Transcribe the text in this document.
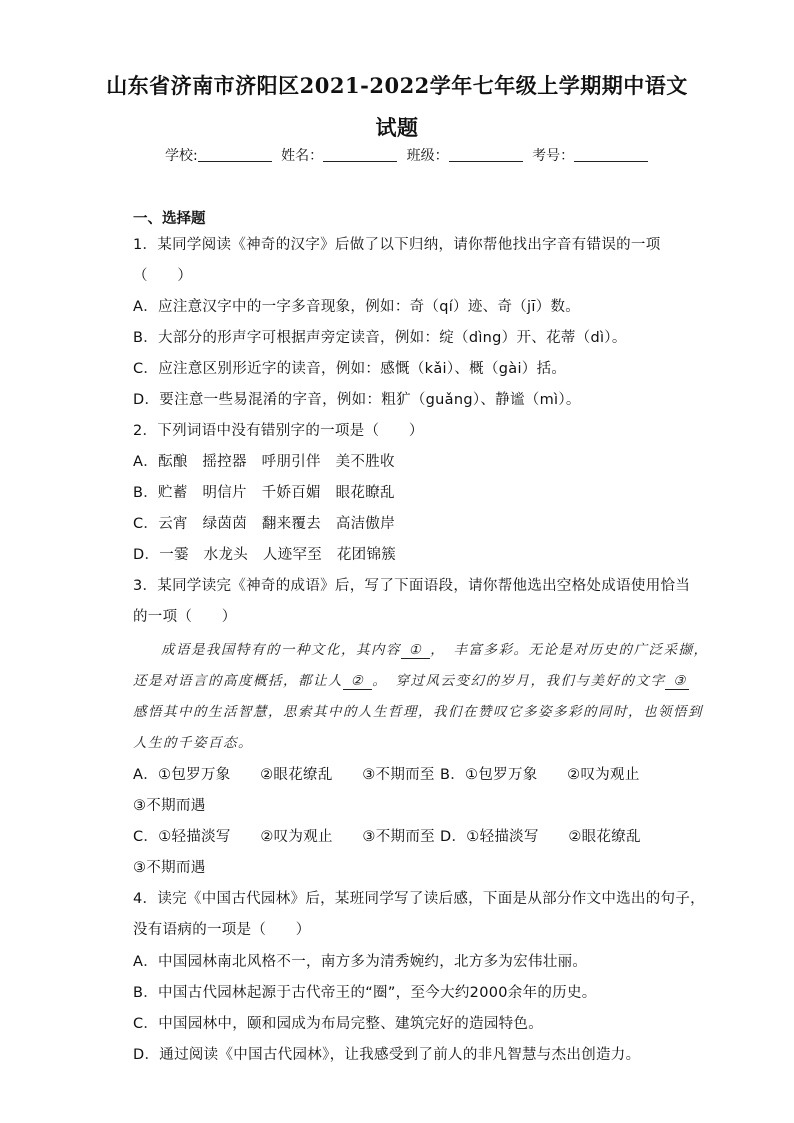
山东省济南市济阳区2021-2022学年七年级上学期期中语文
试题
学校:	姓名：	班级：	考号：
一、选择题
1．某同学阅读《神奇的汉字》后做了以下归纳，请你帮他找出字音有错误的一项
（　　）
A．应注意汉字中的一字多音现象，例如：奇（qí）迹、奇（jī）数。
B．大部分的形声字可根据声旁定读音，例如：绽（dìng）开、花蒂（dì）。
C．应注意区别形近字的读音，例如：感慨（kǎi）、概（gài）括。
D．要注意一些易混淆的字音，例如：粗犷（guǎng）、静谧（mì）。
2．下列词语中没有错别字的一项是（　　）
A．酝酿　摇控器　呼朋引伴　美不胜收
B．贮蓄　明信片　千娇百媚　眼花瞭乱
C．云宵　绿茵茵　翻来覆去　高洁傲岸
D．一霎　水龙头　人迹罕至　花团锦簇
3．某同学读完《神奇的成语》后，写了下面语段，请你帮他选出空格处成语使用恰当
的一项（　　）
成语是我国特有的一种文化，其内容 ① ，　丰富多彩。无论是对历史的广泛采撷，
还是对语言的高度概括，都让人 ② 。　穿过风云变幻的岁月，我们与美好的文字 ③
感悟其中的生活智慧，思索其中的人生哲理，我们在赞叹它多姿多彩的同时，也领悟到
人生的千姿百态。
A．①包罗万象　　②眼花缭乱　　③不期而至 B．①包罗万象　　②叹为观止
③不期而遇
C．①轻描淡写　　②叹为观止　　③不期而至 D．①轻描淡写　　②眼花缭乱
③不期而遇
4．读完《中国古代园林》后，某班同学写了读后感，下面是从部分作文中选出的句子，
没有语病的一项是（　　）
A．中国园林南北风格不一，南方多为清秀婉约，北方多为宏伟壮丽。
B．中国古代园林起源于古代帝王的“圈”，至今大约2000余年的历史。
C．中国园林中，颐和园成为布局完整、建筑完好的造园特色。
D．通过阅读《中国古代园林》，让我感受到了前人的非凡智慧与杰出创造力。
